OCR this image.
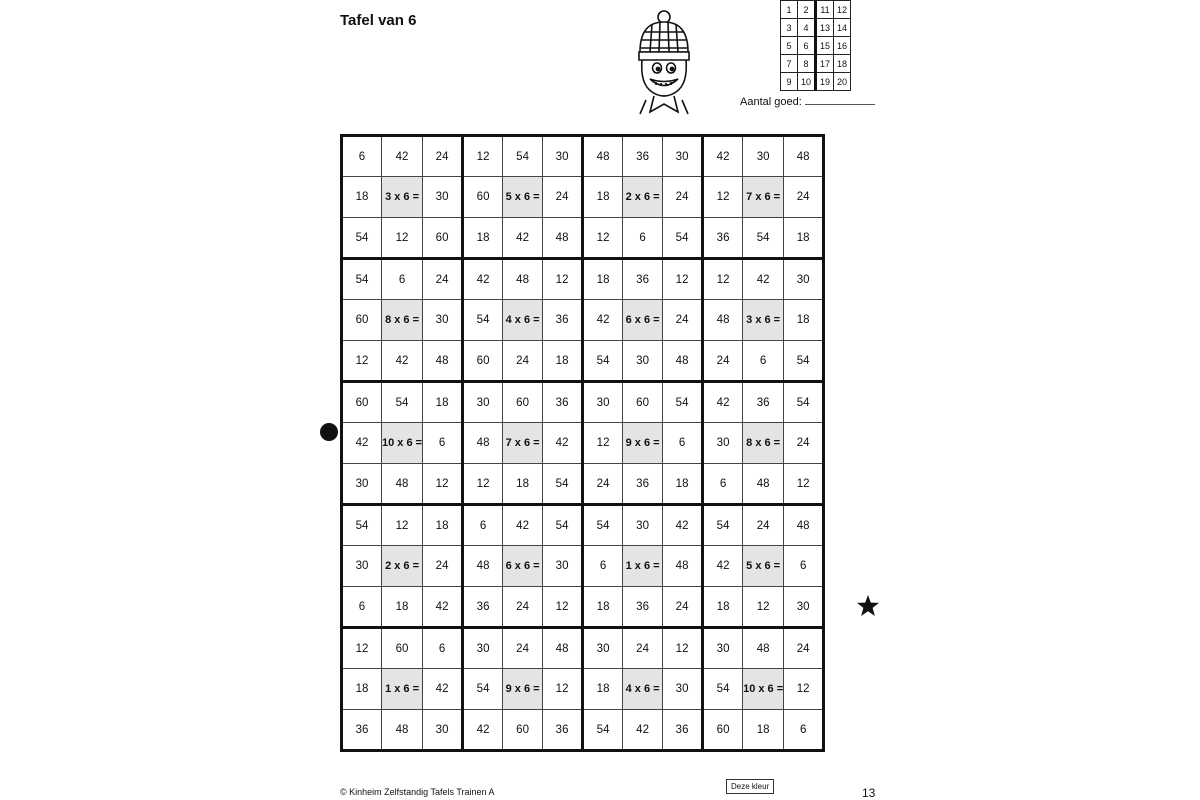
Tafel van 6
1	2	11	12
3	4	13	14
5	6	15	16
7	8	17	18
9	10	19	20
Aantal goed:
6	42	24	12	54	30	48	36	30	42	30	48
18	3 x 6 =	30	60	5 x 6 =	24	18	2 x 6 =	24	12	7 x 6 =	24
54	12	60	18	42	48	12	6	54	36	54	18
54	6	24	42	48	12	18	36	12	12	42	30
60	8 x 6 =	30	54	4 x 6 =	36	42	6 x 6 =	24	48	3 x 6 =	18
12	42	48	60	24	18	54	30	48	24	6	54
60	54	18	30	60	36	30	60	54	42	36	54
42	10 x 6 =	6	48	7 x 6 =	42	12	9 x 6 =	6	30	8 x 6 =	24
30	48	12	12	18	54	24	36	18	6	48	12
54	12	18	6	42	54	54	30	42	54	24	48
30	2 x 6 =	24	48	6 x 6 =	30	6	1 x 6 =	48	42	5 x 6 =	6
6	18	42	36	24	12	18	36	24	18	12	30
12	60	6	30	24	48	30	24	12	30	48	24
18	1 x 6 =	42	54	9 x 6 =	12	18	4 x 6 =	30	54	10 x 6 =	12
36	48	30	42	60	36	54	42	36	60	18	6
© Kinheim Zelfstandig Tafels Trainen A
Deze kleur	13
